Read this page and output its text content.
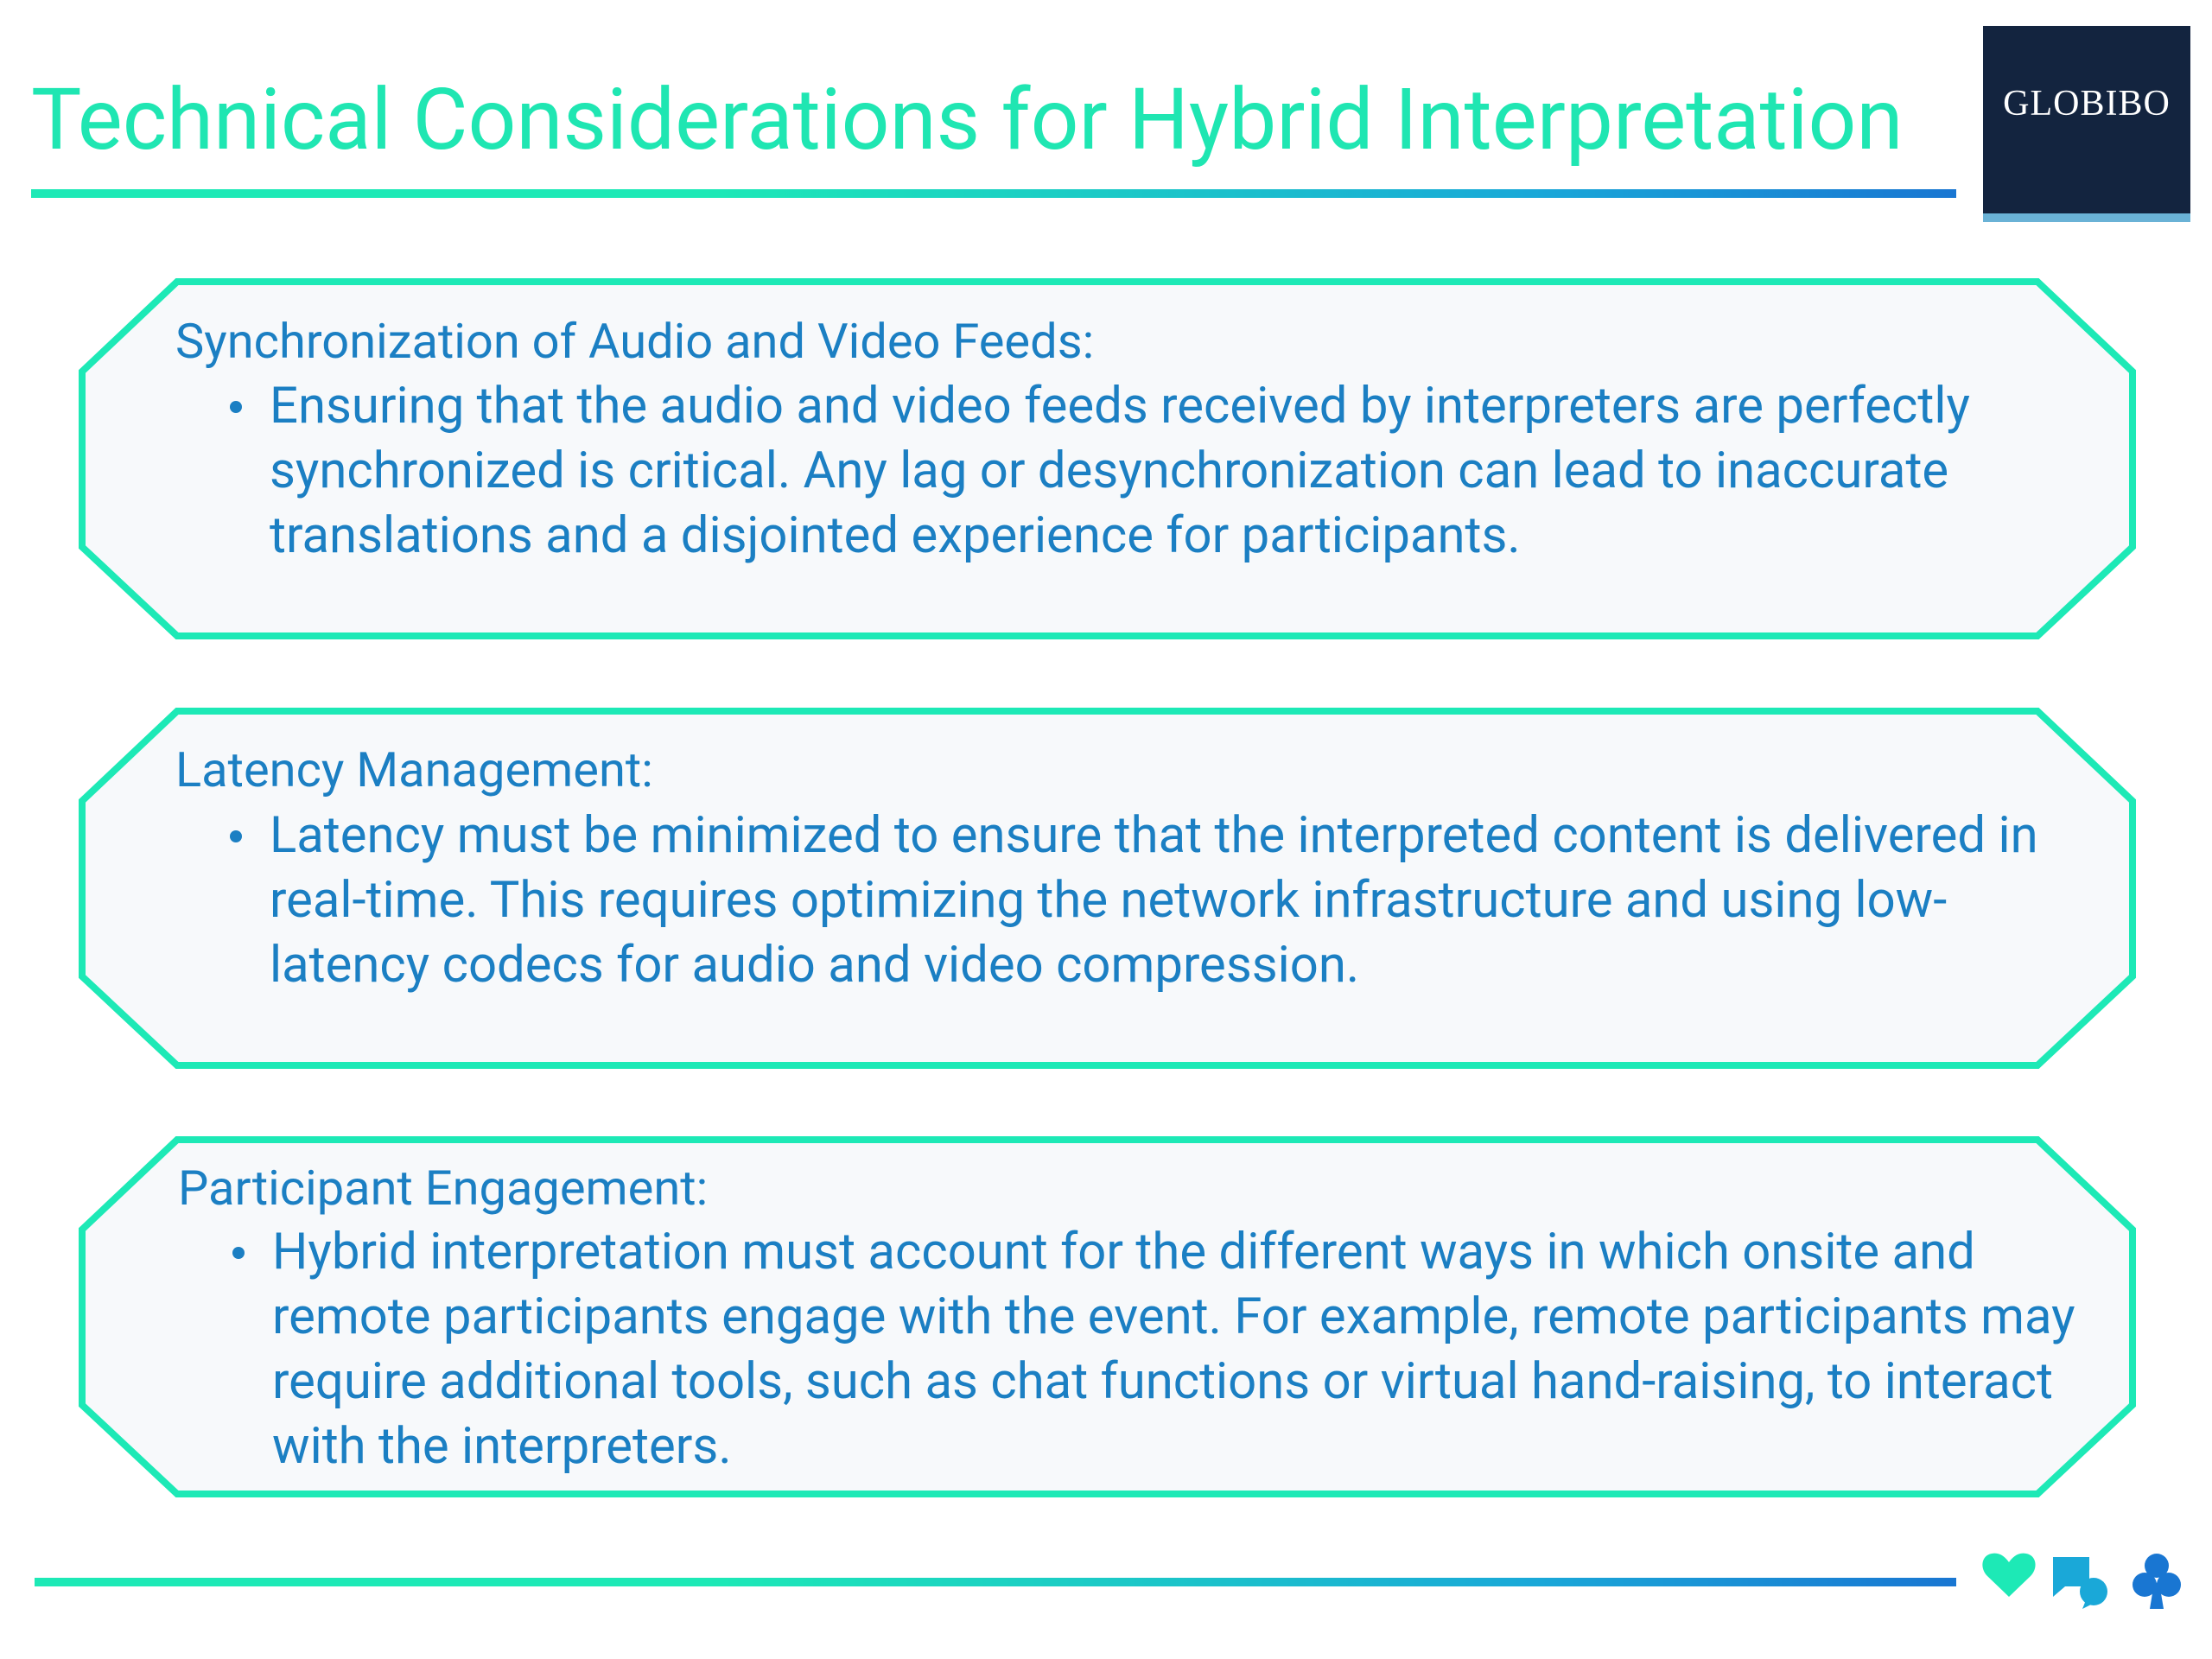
Technical Considerations for Hybrid Interpretation	GLOBIBO
Synchronization of Audio and Video Feeds:
Ensuring that the audio and video feeds received by interpreters are perfectly synchronized is critical. Any lag or desynchronization can lead to inaccurate translations and a disjointed experience for participants.
Latency Management:
Latency must be minimized to ensure that the interpreted content is delivered in real-time. This requires optimizing the network infrastructure and using low-latency codecs for audio and video compression.
Participant Engagement:
Hybrid interpretation must account for the different ways in which onsite and remote participants engage with the event. For example, remote participants may require additional tools, such as chat functions or virtual hand-raising, to interact with the interpreters.
